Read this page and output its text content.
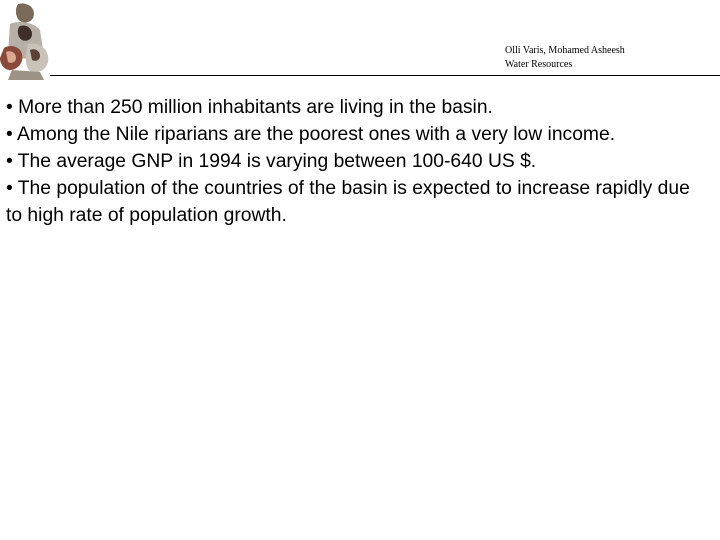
Olli Varis, Mohamed Asheesh
Water Resources

• More than 250 million inhabitants are living in the basin.

• Among the Nile riparians are the poorest ones with a very low income.

• The average GNP in 1994 is varying between 100-640 US $.

• The population of the countries of the basin is expected to increase rapidly due to high rate of population growth.
